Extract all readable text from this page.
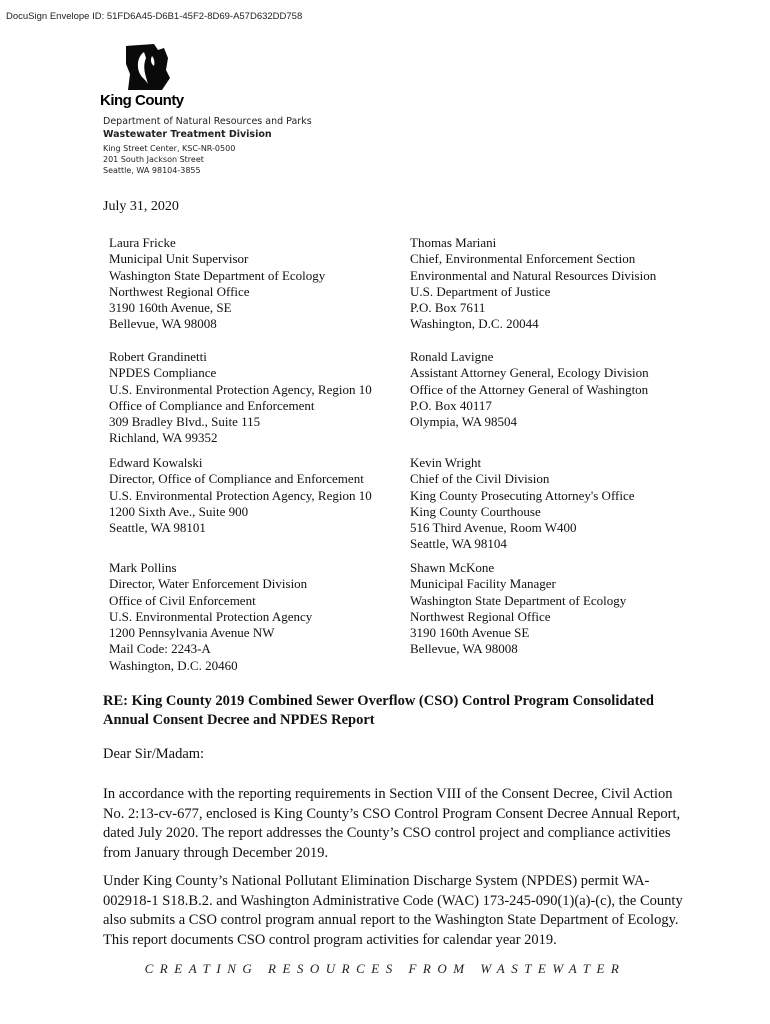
DocuSign Envelope ID: 51FD6A45-D6B1-45F2-8D69-A57D632DD758
King County
Department of Natural Resources and Parks
Wastewater Treatment Division
King Street Center, KSC-NR-0500
201 South Jackson Street
Seattle, WA 98104-3855
July 31, 2020
Laura Fricke
Municipal Unit Supervisor
Washington State Department of Ecology
Northwest Regional Office
3190 160th Avenue, SE
Bellevue, WA 98008
Thomas Mariani
Chief, Environmental Enforcement Section
Environmental and Natural Resources Division
U.S. Department of Justice
P.O. Box 7611
Washington, D.C. 20044
Robert Grandinetti
NPDES Compliance
U.S. Environmental Protection Agency, Region 10
Office of Compliance and Enforcement
309 Bradley Blvd., Suite 115
Richland, WA 99352
Ronald Lavigne
Assistant Attorney General, Ecology Division
Office of the Attorney General of Washington
P.O. Box 40117
Olympia, WA 98504
Edward Kowalski
Director, Office of Compliance and Enforcement
U.S. Environmental Protection Agency, Region 10
1200 Sixth Ave., Suite 900
Seattle, WA 98101
Kevin Wright
Chief of the Civil Division
King County Prosecuting Attorney's Office
King County Courthouse
516 Third Avenue, Room W400
Seattle, WA 98104
Mark Pollins
Director, Water Enforcement Division
Office of Civil Enforcement
U.S. Environmental Protection Agency
1200 Pennsylvania Avenue NW
Mail Code: 2243-A
Washington, D.C. 20460
Shawn McKone
Municipal Facility Manager
Washington State Department of Ecology
Northwest Regional Office
3190 160th Avenue SE
Bellevue, WA 98008
RE: King County 2019 Combined Sewer Overflow (CSO) Control Program Consolidated Annual Consent Decree and NPDES Report
Dear Sir/Madam:
In accordance with the reporting requirements in Section VIII of the Consent Decree, Civil Action No. 2:13-cv-677, enclosed is King County’s CSO Control Program Consent Decree Annual Report, dated July 2020. The report addresses the County’s CSO control project and compliance activities from January through December 2019.
Under King County’s National Pollutant Elimination Discharge System (NPDES) permit WA-002918-1 S18.B.2. and Washington Administrative Code (WAC) 173-245-090(1)(a)-(c), the County also submits a CSO control program annual report to the Washington State Department of Ecology. This report documents CSO control program activities for calendar year 2019.
CREATING RESOURCES FROM WASTEWATER
